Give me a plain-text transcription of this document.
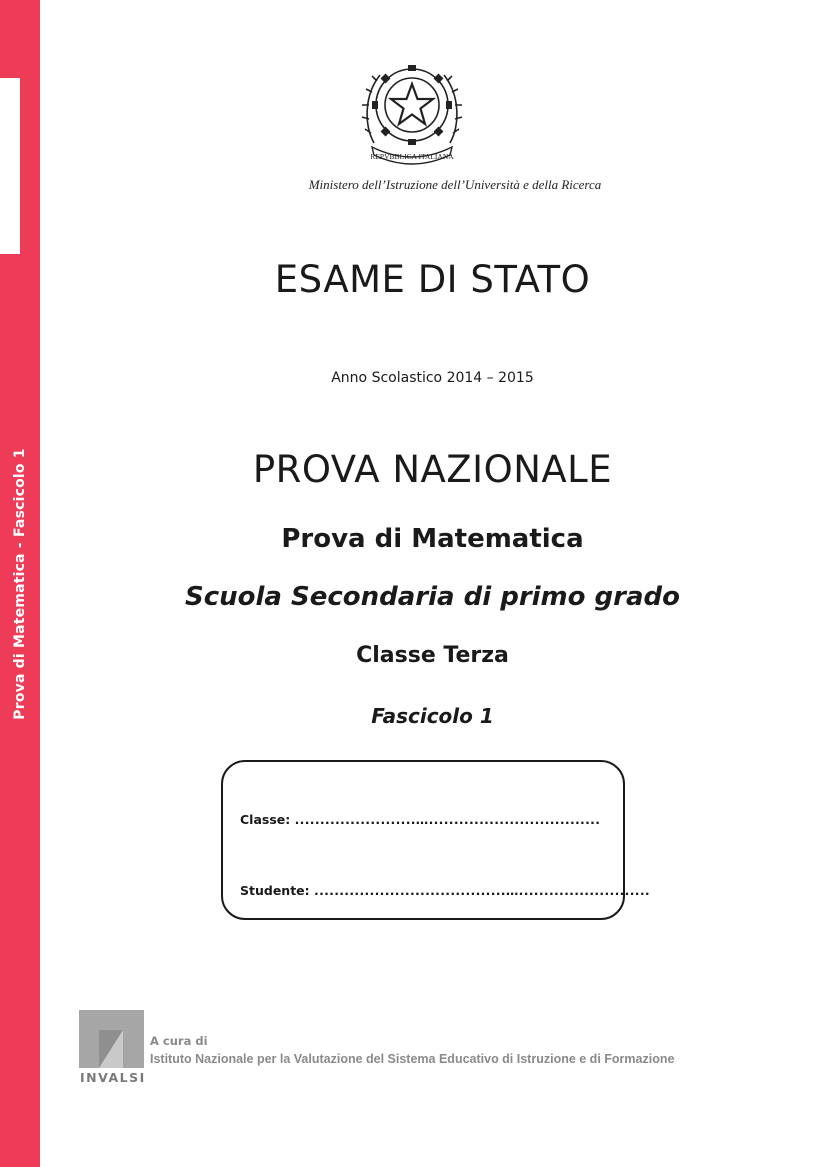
Prova di Matematica - Fascicolo 1
REPVBBLICA ITALIANA
Ministero dell’Istruzione dell’Università e della Ricerca
ESAME DI STATO
Anno Scolastico 2014 – 2015
PROVA NAZIONALE
Prova di Matematica
Scuola Secondaria di primo grado
Classe Terza
Fascicolo 1
Classe: ........................…..................................
Studente: ......................................…..........................
INVALSI
A cura di
Istituto Nazionale per la Valutazione del Sistema Educativo di Istruzione e di Formazione
